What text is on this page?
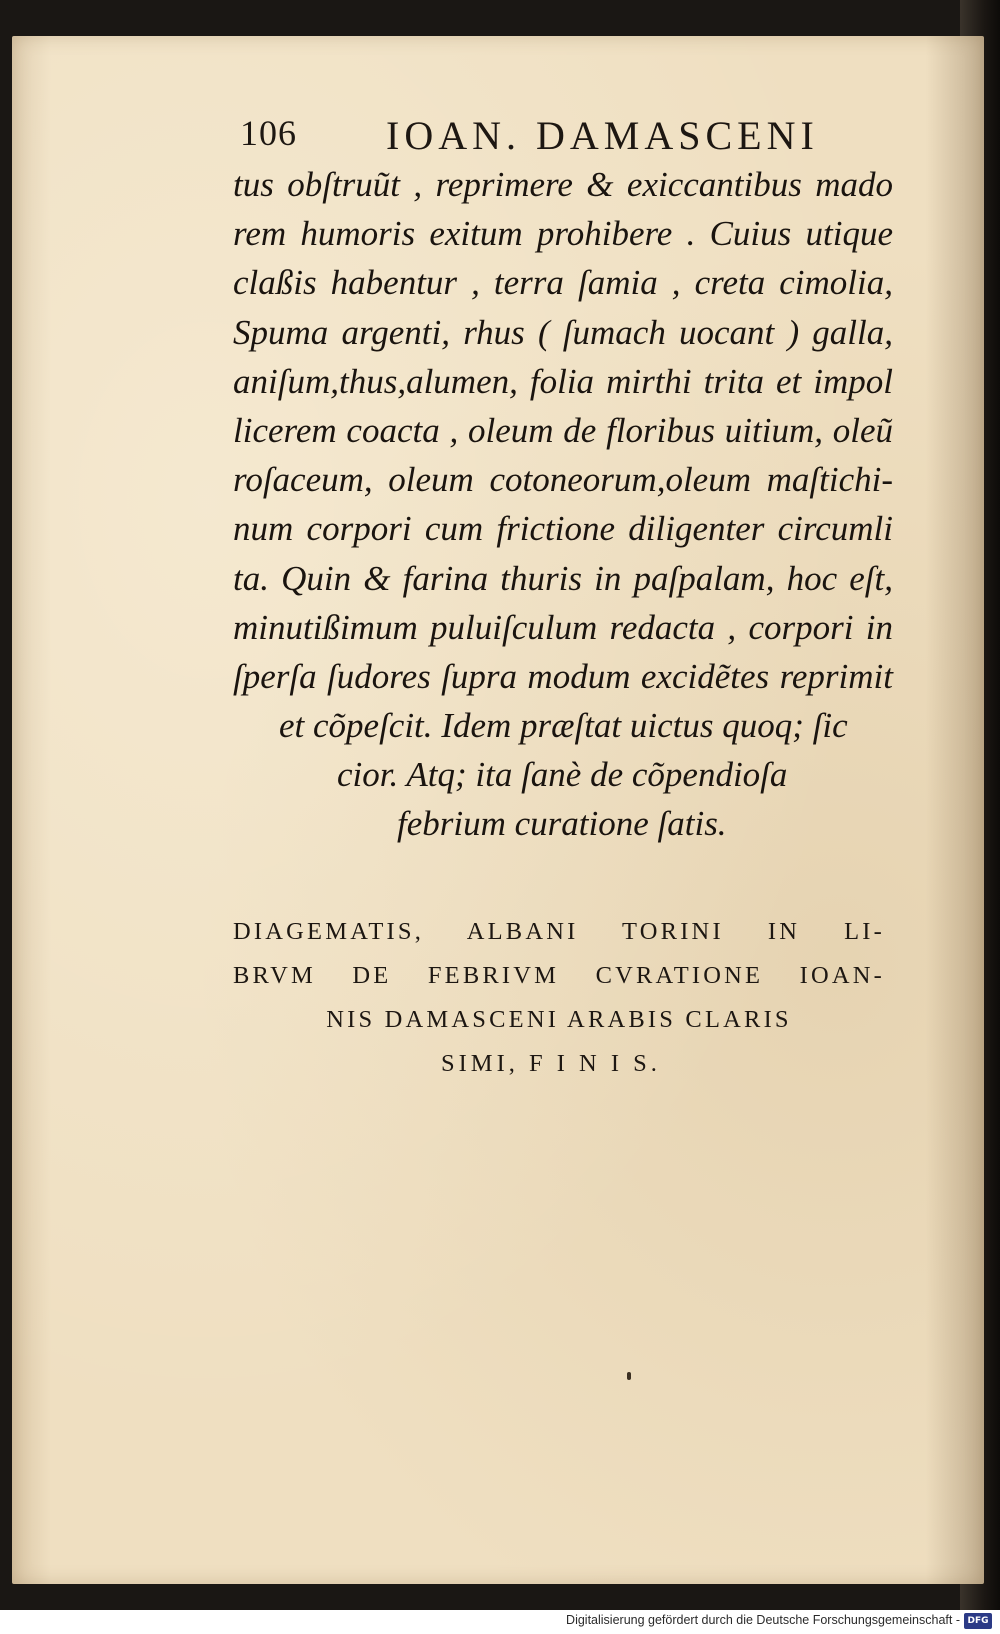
106 IOAN. DAMASCENI
tus obſtruũt , reprimere & exiccantibus mado
rem humoris exitum prohibere . Cuius utique
claßis habentur , terra ſamia , creta cimolia,
Spuma argenti, rhus ( ſumach uocant ) galla,
aniſum,thus,alumen, folia mirthi trita et impol
licerem coacta , oleum de floribus uitium, oleũ
roſaceum, oleum cotoneorum,oleum maſtichi-
num corpori cum frictione diligenter circumli
ta. Quin & farina thuris in paſpalam, hoc eſt,
minutißimum puluiſculum redacta , corpori in
ſperſa ſudores ſupra modum excidẽtes reprimit
et cõpeſcit. Idem præſtat uictus quoq; ſic
cior. Atq; ita ſanè de cõpendioſa
febrium curatione ſatis.
DIAGEMATIS, ALBANI TORINI IN LI-
BRVM DE FEBRIVM CVRATIONE IOAN-
NIS DAMASCENI ARABIS CLARIS
SIMI, F I N I S.
Digitalisierung gefördert durch die Deutsche Forschungsgemeinschaft - DFG
